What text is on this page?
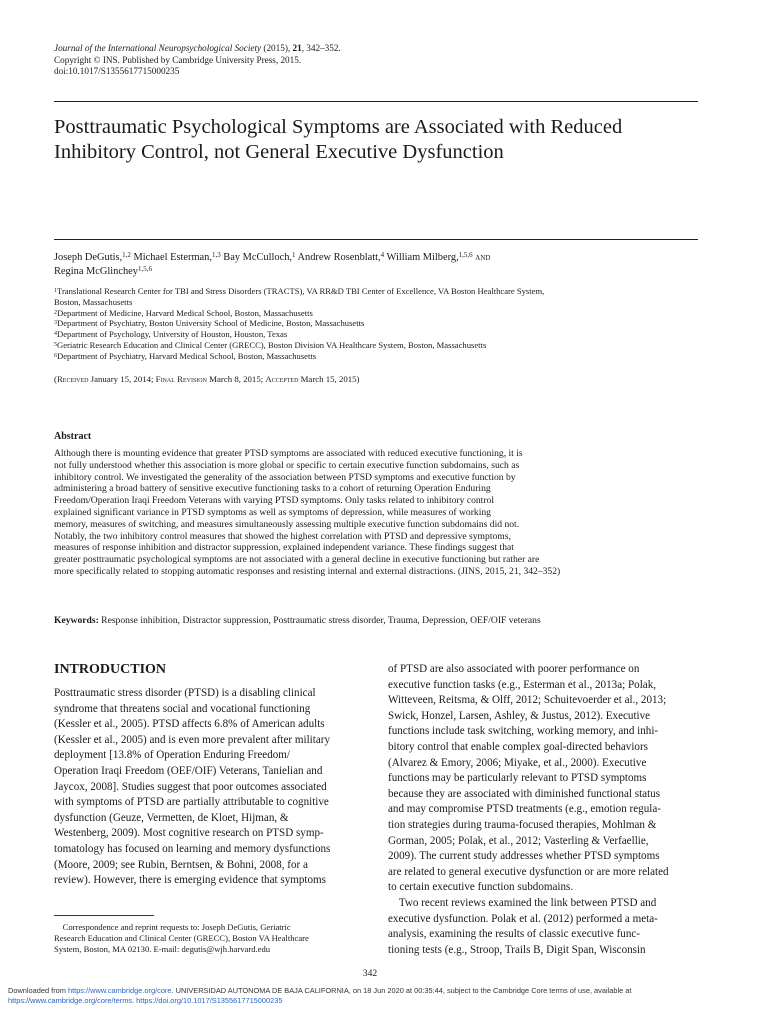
Journal of the International Neuropsychological Society (2015), 21, 342–352.
Copyright © INS. Published by Cambridge University Press, 2015.
doi:10.1017/S1355617715000235
Posttraumatic Psychological Symptoms are Associated with Reduced
Inhibitory Control, not General Executive Dysfunction
Joseph DeGutis,$^{1,2}$ Michael Esterman,$^{1,3}$ Bay McCulloch,$^1$ Andrew Rosenblatt,$^4$ William Milberg,$^{1,5,6}$ and
Regina McGlinchey$^{1,5,6}$
$^1$Translational Research Center for TBI and Stress Disorders (TRACTS), VA RR&D TBI Center of Excellence, VA Boston Healthcare System,
Boston, Massachusetts
$^2$Department of Medicine, Harvard Medical School, Boston, Massachusetts
$^3$Department of Psychiatry, Boston University School of Medicine, Boston, Massachusetts
$^4$Department of Psychology, University of Houston, Houston, Texas
$^5$Geriatric Research Education and Clinical Center (GRECC), Boston Division VA Healthcare System, Boston, Massachusetts
$^6$Department of Psychiatry, Harvard Medical School, Boston, Massachusetts
(Received January 15, 2014; Final Revision March 8, 2015; Accepted March 15, 2015)
Abstract
Although there is mounting evidence that greater PTSD symptoms are associated with reduced executive functioning, it is
not fully understood whether this association is more global or specific to certain executive function subdomains, such as
inhibitory control. We investigated the generality of the association between PTSD symptoms and executive function by
administering a broad battery of sensitive executive functioning tasks to a cohort of returning Operation Enduring
Freedom/Operation Iraqi Freedom Veterans with varying PTSD symptoms. Only tasks related to inhibitory control
explained significant variance in PTSD symptoms as well as symptoms of depression, while measures of working
memory, measures of switching, and measures simultaneously assessing multiple executive function subdomains did not.
Notably, the two inhibitory control measures that showed the highest correlation with PTSD and depressive symptoms,
measures of response inhibition and distractor suppression, explained independent variance. These findings suggest that
greater posttraumatic psychological symptoms are not associated with a general decline in executive functioning but rather are
more specifically related to stopping automatic responses and resisting internal and external distractions. (JINS, 2015, 21, 342–352)
Keywords: Response inhibition, Distractor suppression, Posttraumatic stress disorder, Trauma, Depression, OEF/OIF veterans
INTRODUCTION
Posttraumatic stress disorder (PTSD) is a disabling clinical
syndrome that threatens social and vocational functioning
(Kessler et al., 2005). PTSD affects 6.8% of American adults
(Kessler et al., 2005) and is even more prevalent after military
deployment [13.8% of Operation Enduring Freedom/
Operation Iraqi Freedom (OEF/OIF) Veterans, Tanielian and
Jaycox, 2008]. Studies suggest that poor outcomes associated
with symptoms of PTSD are partially attributable to cognitive
dysfunction (Geuze, Vermetten, de Kloet, Hijman, &
Westenberg, 2009). Most cognitive research on PTSD symp-
tomatology has focused on learning and memory dysfunctions
(Moore, 2009; see Rubin, Berntsen, & Bohni, 2008, for a
review). However, there is emerging evidence that symptoms
of PTSD are also associated with poorer performance on
executive function tasks (e.g., Esterman et al., 2013a; Polak,
Witteveen, Reitsma, & Olff, 2012; Schuitevoerder et al., 2013;
Swick, Honzel, Larsen, Ashley, & Justus, 2012). Executive
functions include task switching, working memory, and inhi-
bitory control that enable complex goal-directed behaviors
(Alvarez & Emory, 2006; Miyake, et al., 2000). Executive
functions may be particularly relevant to PTSD symptoms
because they are associated with diminished functional status
and may compromise PTSD treatments (e.g., emotion regula-
tion strategies during trauma-focused therapies, Mohlman &
Gorman, 2005; Polak, et al., 2012; Vasterling & Verfaellie,
2009). The current study addresses whether PTSD symptoms
are related to general executive dysfunction or are more related
to certain executive function subdomains.
Two recent reviews examined the link between PTSD and
executive dysfunction. Polak et al. (2012) performed a meta-
analysis, examining the results of classic executive func-
tioning tests (e.g., Stroop, Trails B, Digit Span, Wisconsin
Correspondence and reprint requests to: Joseph DeGutis, Geriatric
Research Education and Clinical Center (GRECC), Boston VA Healthcare
System, Boston, MA 02130. E-mail: degutis@wjh.harvard.edu
342
Downloaded from https://www.cambridge.org/core. UNIVERSIDAD AUTONOMA DE BAJA CALIFORNIA, on 18 Jun 2020 at 00:35:44, subject to the Cambridge Core terms of use, available at
https://www.cambridge.org/core/terms. https://doi.org/10.1017/S1355617715000235
